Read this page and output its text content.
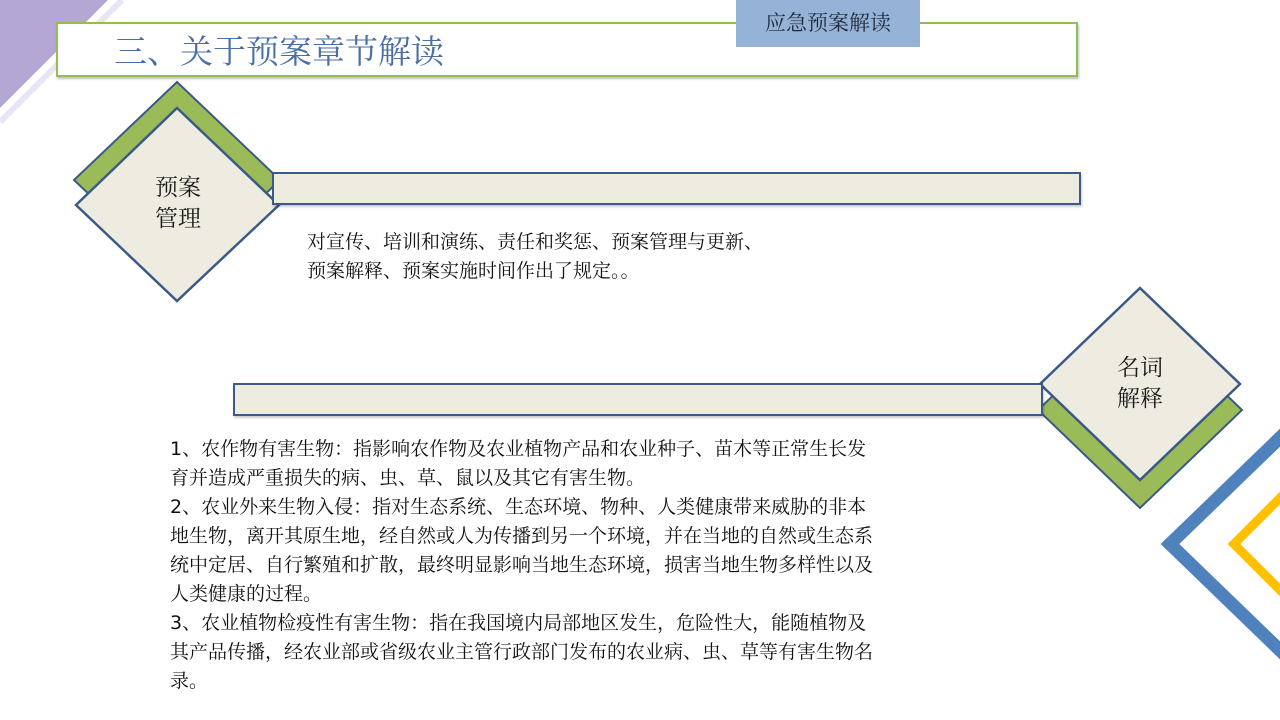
三、关于预案章节解读
应急预案解读
预案
管理
名词
解释
对宣传、培训和演练、责任和奖惩、预案管理与更新、
预案解释、预案实施时间作出了规定。。
1、农作物有害生物：指影响农作物及农业植物产品和农业种子、苗木等正常生长发
育并造成严重损失的病、虫、草、鼠以及其它有害生物。
2、农业外来生物入侵：指对生态系统、生态环境、物种、人类健康带来威胁的非本
地生物，离开其原生地，经自然或人为传播到另一个环境，并在当地的自然或生态系
统中定居、自行繁殖和扩散，最终明显影响当地生态环境，损害当地生物多样性以及
人类健康的过程。
3、农业植物检疫性有害生物：指在我国境内局部地区发生，危险性大，能随植物及
其产品传播，经农业部或省级农业主管行政部门发布的农业病、虫、草等有害生物名
录。
